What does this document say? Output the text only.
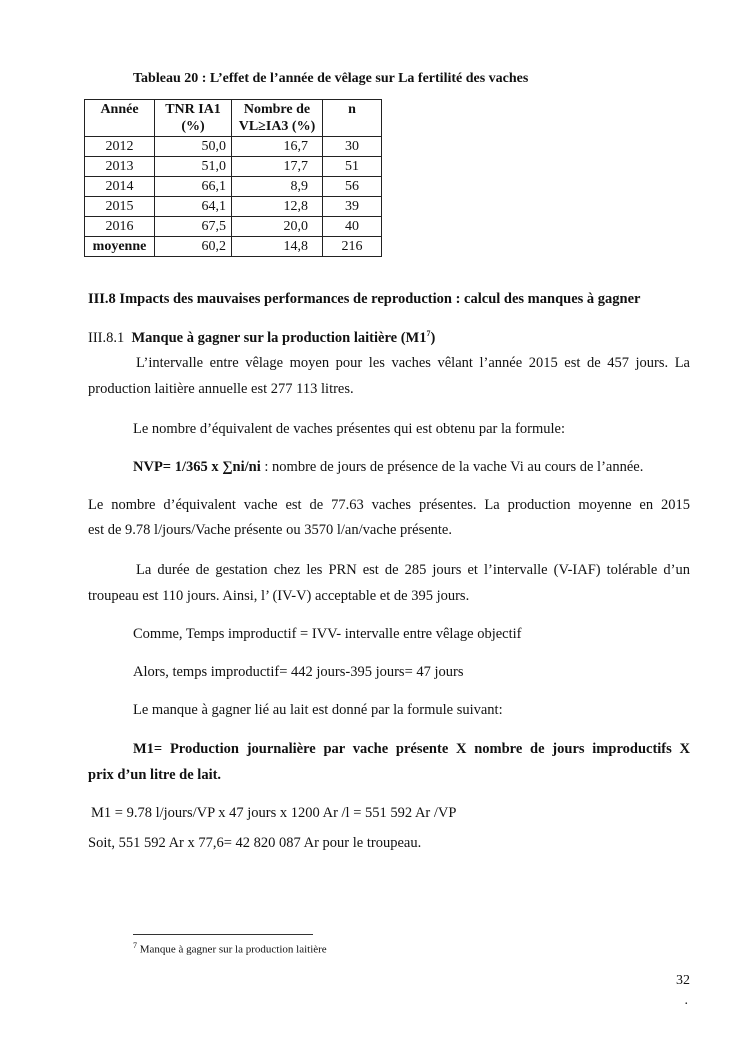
Tableau 20 : L’effet de l’année de vêlage sur La fertilité des vaches
Année	TNR IA1 (%)	Nombre de VL≥IA3 (%)	n
2012	50,0	16,7	30
2013	51,0	17,7	51
2014	66,1	8,9	56
2015	64,1	12,8	39
2016	67,5	20,0	40
moyenne	60,2	14,8	216
III.8 Impacts des mauvaises performances de reproduction : calcul des manques à gagner
III.8.1 Manque à gagner sur la production laitière $(M1^7)$
L’intervalle entre vêlage moyen pour les vaches vêlant l’année 2015 est de 457 jours. La
production laitière annuelle est 277 113 litres.
Le nombre d’équivalent de vaches présentes qui est obtenu par la formule:
NVP= 1/365 x ∑ni/ni : nombre de jours de présence de la vache Vi au cours de l’année.
Le nombre d’équivalent vache est de 77.63 vaches présentes. La production moyenne en 2015
est de 9.78 l/jours/Vache présente ou 3570 l/an/vache présente.
La durée de gestation chez les PRN est de 285 jours et l’intervalle (V-IAF) tolérable d’un
troupeau est 110 jours. Ainsi, l’ (IV-V) acceptable et de 395 jours.
Comme, Temps improductif = IVV- intervalle entre vêlage objectif
Alors, temps improductif= 442 jours-395 jours= 47 jours
Le manque à gagner lié au lait est donné par la formule suivant:
M1= Production journalière par vache présente X nombre de jours improductifs X
prix d’un litre de lait.
M1 = 9.78 l/jours/VP x 47 jours x 1200 Ar /l = 551 592 Ar /VP
Soit, 551 592 Ar x 77,6= 42 820 087 Ar pour le troupeau.
$^7$ Manque à gagner sur la production laitière
32
.
